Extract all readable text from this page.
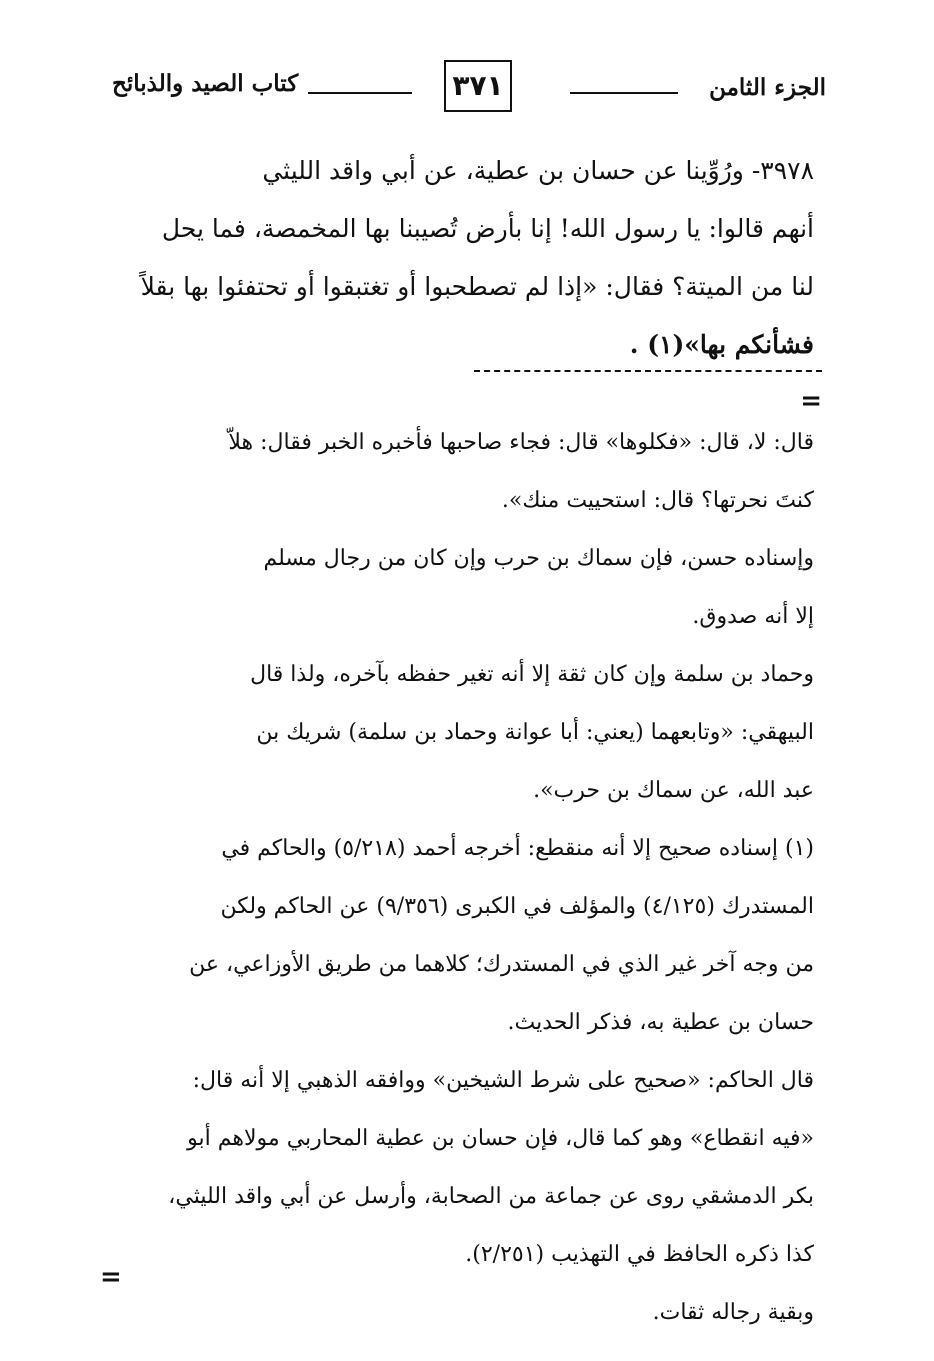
الجزء الثامن
٣٧١
كتاب الصيد والذبائح

٣٩٧٨- ورُوِّينا عن حسان بن عطية، عن أبي واقد الليثي

أنهم قالوا: يا رسول الله! إنا بأرض تُصيبنا بها المخمصة، فما يحل

لنا من الميتة؟ فقال: «إذا لم تصطحبوا أو تغتبقوا أو تحتفئوا بها بقلاً

فشأنكم بها»(١) .

=

قال: لا، قال: «فكلوها» قال: فجاء صاحبها فأخبره الخبر فقال: هلاّ

كنتَ نحرتها؟ قال: استحييت منك».

وإسناده حسن، فإن سماك بن حرب وإن كان من رجال مسلم

إلا أنه صدوق.

وحماد بن سلمة وإن كان ثقة إلا أنه تغير حفظه بآخره، ولذا قال

البيهقي: «وتابعهما (يعني: أبا عوانة وحماد بن سلمة) شريك بن

عبد الله، عن سماك بن حرب».

(١) إسناده صحيح إلا أنه منقطع: أخرجه أحمد (٥/٢١٨) والحاكم في

المستدرك (٤/١٢٥) والمؤلف في الكبرى (٩/٣٥٦) عن الحاكم ولكن

من وجه آخر غير الذي في المستدرك؛ كلاهما من طريق الأوزاعي، عن

حسان بن عطية به، فذكر الحديث.

قال الحاكم: «صحيح على شرط الشيخين» ووافقه الذهبي إلا أنه قال:

«فيه انقطاع» وهو كما قال، فإن حسان بن عطية المحاربي مولاهم أبو

بكر الدمشقي روى عن جماعة من الصحابة، وأرسل عن أبي واقد الليثي،

كذا ذكره الحافظ في التهذيب (٢/٢٥١).

وبقية رجاله ثقات.

=
